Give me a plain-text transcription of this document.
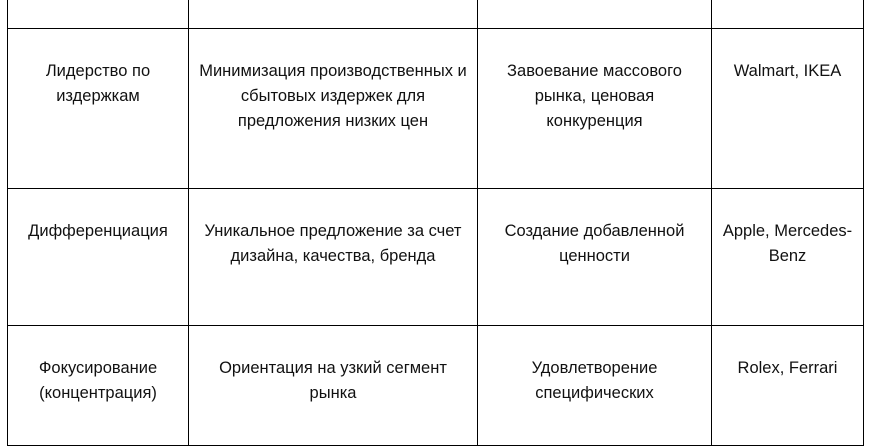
Лидерство по издержкам	Минимизация производственных и сбытовых издержек для предложения низких цен	Завоевание массового рынка, ценовая конкуренция	Walmart, IKEA
Дифференциация	Уникальное предложение за счет дизайна, качества, бренда	Создание добавленной ценности	Apple, Mercedes-Benz
Фокусирование (концентрация)	Ориентация на узкий сегмент рынка	Удовлетворение специфических	Rolex, Ferrari
